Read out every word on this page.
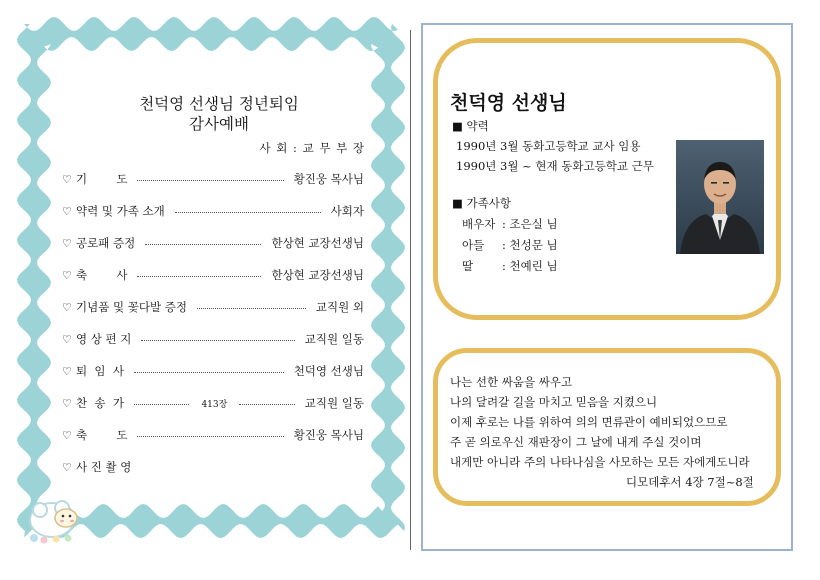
천덕영 선생님 정년퇴임
감사예배
사 회 : 교 무 부 장
♡ 기        도	황진웅 목사님
♡ 약력 및 가족 소개	사회자
♡ 공로패 증정	한상현 교장선생님
♡ 축        사	한상현 교장선생님
♡ 기념품 및 꽃다발 증정	교직원 외
♡ 영 상 편 지	교직원 일동
♡ 퇴  임  사	천덕영 선생님
♡ 찬  송  가	413장	교직원 일동
♡ 축        도	황진웅 목사님
♡ 사 진 촬 영
천덕영 선생님
■ 약력
1990년 3월 동화고등학교 교사 임용
1990년 3월 ~ 현재 동화고등학교 근무
■ 가족사항
배우자 : 조은실 님
아들	: 천성문 님
딸	: 천예린 님
나는 선한 싸움을 싸우고
나의 달려갈 길을 마치고 믿음을 지켰으니
이제 후로는 나를 위하여 의의 면류관이 예비되었으므로
주 곧 의로우신 재판장이 그 날에 내게 주실 것이며
내게만 아니라 주의 나타나심을 사모하는 모든 자에게도니라
디모데후서 4장 7절~8절
